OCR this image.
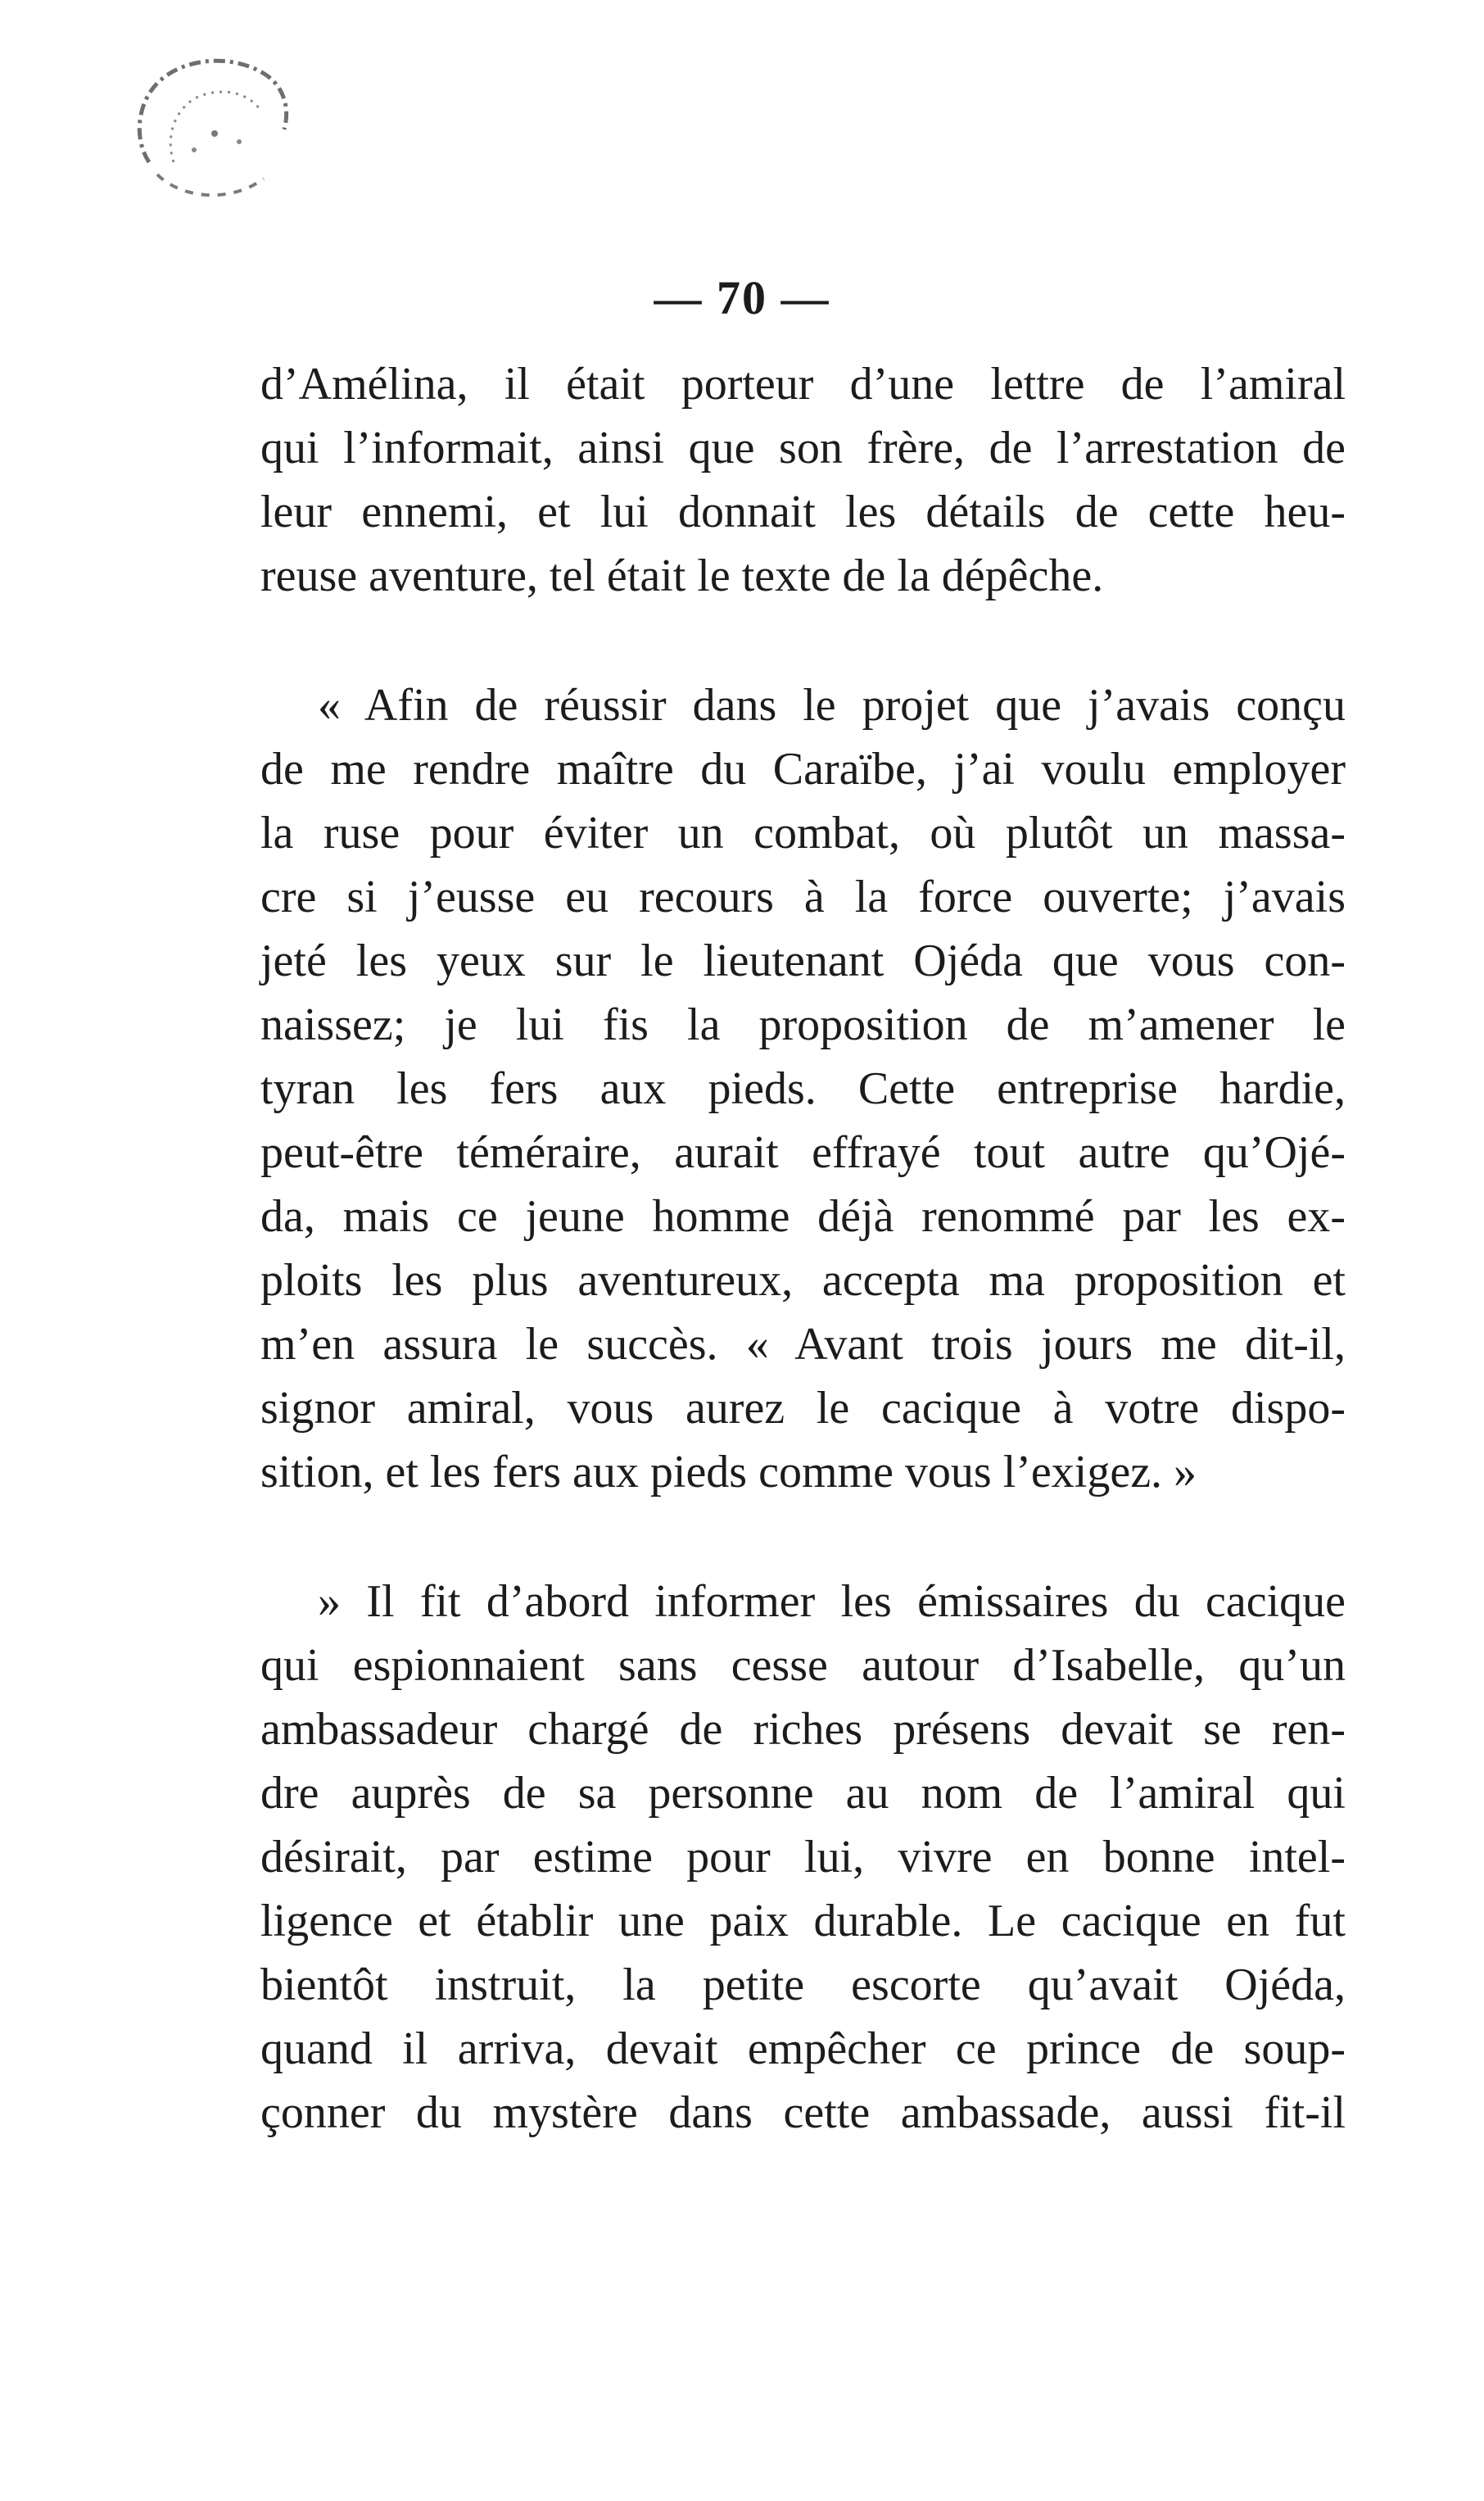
— 70 —
d’Amélina, il était porteur d’une lettre de l’amiral
qui l’informait, ainsi que son frère, de l’arrestation de
leur ennemi, et lui donnait les détails de cette heu-
reuse aventure, tel était le texte de la dépêche.
« Afin de réussir dans le projet que j’avais conçu
de me rendre maître du Caraïbe, j’ai voulu employer
la ruse pour éviter un combat, où plutôt un massa-
cre si j’eusse eu recours à la force ouverte; j’avais
jeté les yeux sur le lieutenant Ojéda que vous con-
naissez; je lui fis la proposition de m’amener le
tyran les fers aux pieds. Cette entreprise hardie,
peut-être téméraire, aurait effrayé tout autre qu’Ojé-
da, mais ce jeune homme déjà renommé par les ex-
ploits les plus aventureux, accepta ma proposition et
m’en assura le succès. « Avant trois jours me dit-il,
signor amiral, vous aurez le cacique à votre dispo-
sition, et les fers aux pieds comme vous l’exigez. »
» Il fit d’abord informer les émissaires du cacique
qui espionnaient sans cesse autour d’Isabelle, qu’un
ambassadeur chargé de riches présens devait se ren-
dre auprès de sa personne au nom de l’amiral qui
désirait, par estime pour lui, vivre en bonne intel-
ligence et établir une paix durable. Le cacique en fut
bientôt instruit, la petite escorte qu’avait Ojéda,
quand il arriva, devait empêcher ce prince de soup-
çonner du mystère dans cette ambassade, aussi fit-il
